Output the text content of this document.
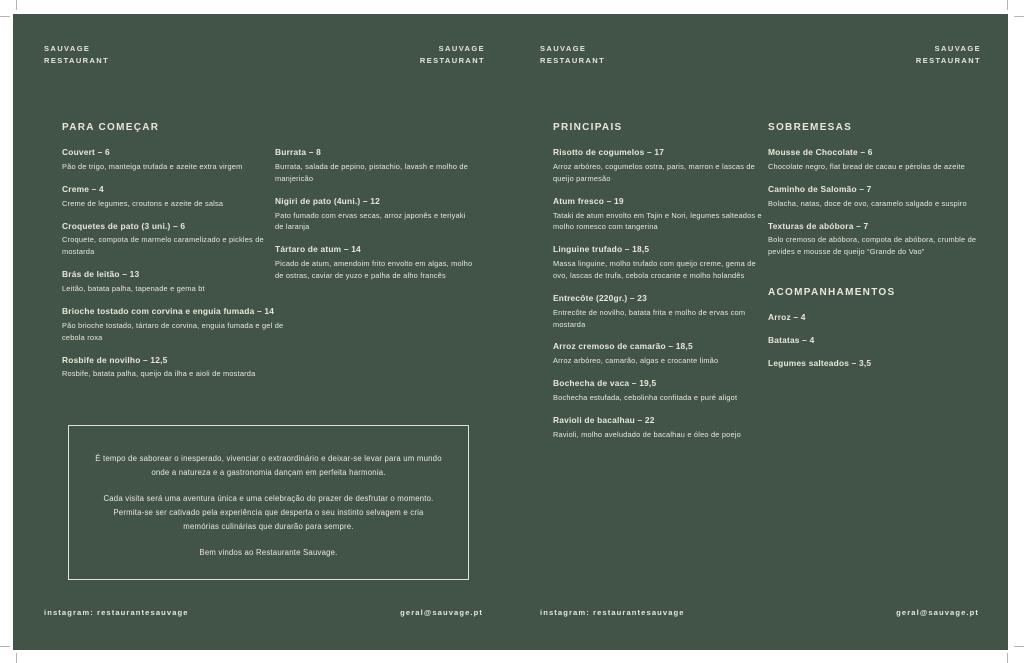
SAUVAGE
RESTAURANT
SAUVAGE
RESTAURANT
PARA COMEÇAR
Couvert – 6
Pão de trigo, manteiga trufada e azeite extra virgem
Creme – 4
Creme de legumes, croutons e azeite de salsa
Croquetes de pato (3 uni.) – 6
Croquete, compota de marmelo caramelizado e pickles de mostarda
Brás de leitão – 13
Leitão, batata palha, tapenade e gema bt
Brioche tostado com corvina e enguia fumada – 14
Pão brioche tostado, tártaro de corvina, enguia fumada e gel de cebola roxa
Rosbife de novilho – 12,5
Rosbife, batata palha, queijo da ilha e aioli de mostarda
Burrata – 8
Burrata, salada de pepino, pistachio, lavash e molho de manjericão
Nigiri de pato (4uni.) – 12
Pato fumado com ervas secas, arroz japonês e teriyaki de laranja
Tártaro de atum – 14
Picado de atum, amendoim frito envolto em algas, molho de ostras, caviar de yuzo e palha de alho francês

É tempo de saborear o inesperado, vivenciar o extraordinário e deixar-se levar para um mundo onde a natureza e a gastronomia dançam em perfeita harmonia.

Cada visita será uma aventura única e uma celebração do prazer de desfrutar o momento. Permita-se ser cativado pela experiência que desperta o seu instinto selvagem e cria memórias culinárias que durarão para sempre.

Bem vindos ao Restaurante Sauvage.

instagram: restaurantesauvage	geral@sauvage.pt
SAUVAGE
RESTAURANT
SAUVAGE
RESTAURANT
PRINCIPAIS
Risotto de cogumelos – 17
Arroz arbóreo, cogumelos ostra, paris, marron e lascas de queijo parmesão
Atum fresco – 19
Tataki de atum envolto em Tajin e Nori, legumes salteados e molho romesco com tangerina
Linguine trufado – 18,5
Massa linguine, molho trufado com queijo creme, gema de ovo, lascas de trufa, cebola crocante e molho holandês
Entrecôte (220gr.) – 23
Entrecôte de novilho, batata frita e molho de ervas com mostarda
Arroz cremoso de camarão – 18,5
Arroz arbóreo, camarão, algas e crocante limão
Bochecha de vaca – 19,5
Bochecha estufada, cebolinha confitada e puré aligot
Ravioli de bacalhau – 22
Ravioli, molho aveludado de bacalhau e óleo de poejo
SOBREMESAS
Mousse de Chocolate – 6
Chocolate negro, flat bread de cacau e pérolas de azeite
Caminho de Salomão – 7
Bolacha, natas, doce de ovo, caramelo salgado e suspiro
Texturas de abóbora – 7
Bolo cremoso de abóbora, compota de abóbora, crumble de pevides e mousse de queijo “Grande do Vao”
ACOMPANHAMENTOS
Arroz – 4
Batatas – 4
Legumes salteados – 3,5
instagram: restaurantesauvage	geral@sauvage.pt
